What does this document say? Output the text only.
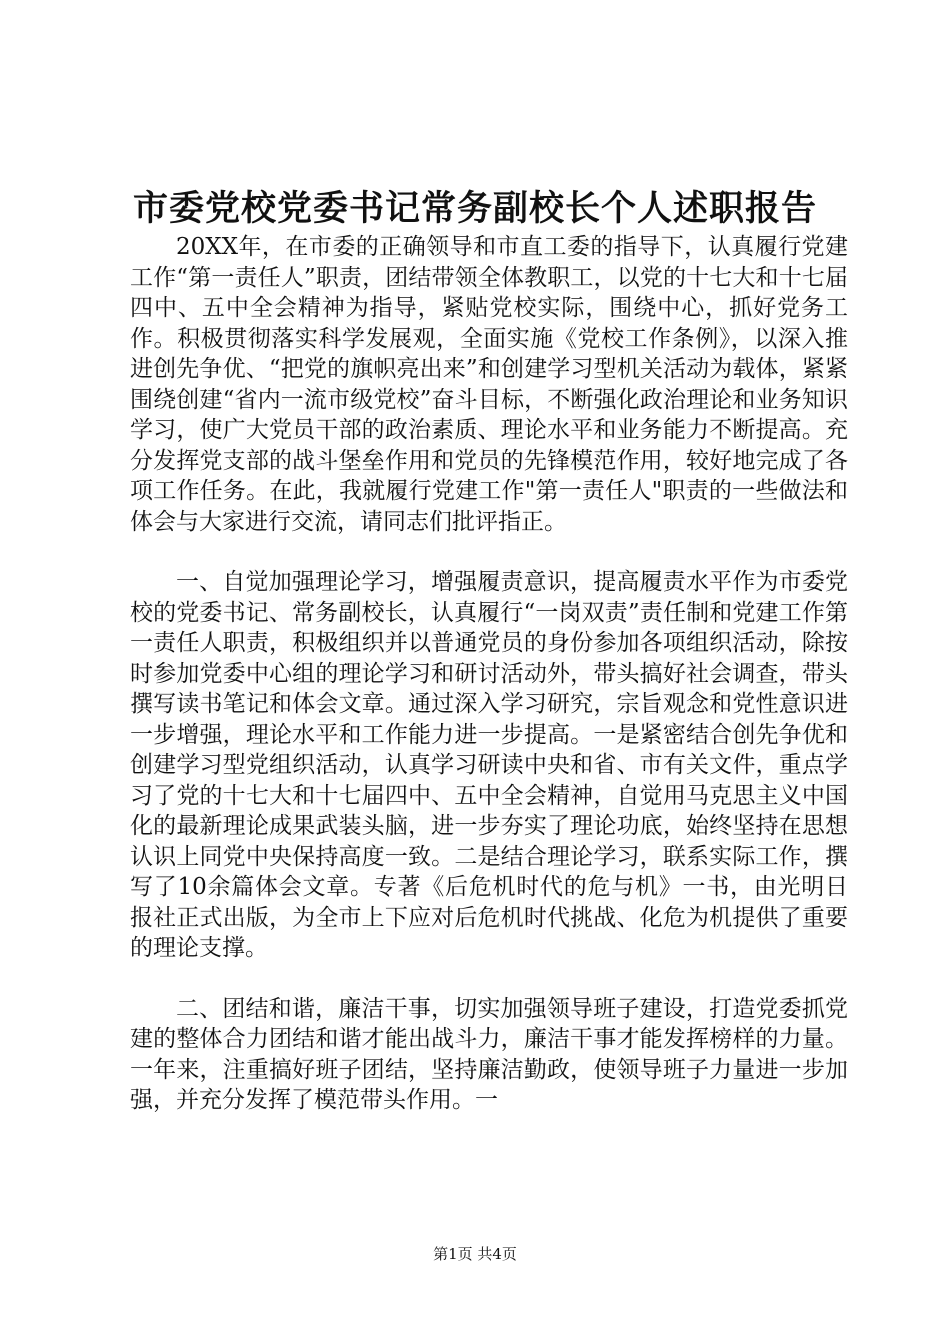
市委党校党委书记常务副校长个人述职报告

20XX年，在市委的正确领导和市直工委的指导下，认真履行党建工作“第一责任人”职责，团结带领全体教职工，以党的十七大和十七届四中、五中全会精神为指导，紧贴党校实际，围绕中心，抓好党务工作。积极贯彻落实科学发展观，全面实施《党校工作条例》，以深入推进创先争优、“把党的旗帜亮出来”和创建学习型机关活动为载体，紧紧围绕创建“省内一流市级党校”奋斗目标，不断强化政治理论和业务知识学习，使广大党员干部的政治素质、理论水平和业务能力不断提高。充分发挥党支部的战斗堡垒作用和党员的先锋模范作用，较好地完成了各项工作任务。在此，我就履行党建工作"第一责任人"职责的一些做法和体会与大家进行交流，请同志们批评指正。

一、自觉加强理论学习，增强履责意识，提高履责水平作为市委党校的党委书记、常务副校长，认真履行“一岗双责”责任制和党建工作第一责任人职责，积极组织并以普通党员的身份参加各项组织活动，除按时参加党委中心组的理论学习和研讨活动外，带头搞好社会调查，带头撰写读书笔记和体会文章。通过深入学习研究，宗旨观念和党性意识进一步增强，理论水平和工作能力进一步提高。一是紧密结合创先争优和创建学习型党组织活动，认真学习研读中央和省、市有关文件，重点学习了党的十七大和十七届四中、五中全会精神，自觉用马克思主义中国化的最新理论成果武装头脑，进一步夯实了理论功底，始终坚持在思想认识上同党中央保持高度一致。二是结合理论学习，联系实际工作，撰写了10余篇体会文章。专著《后危机时代的危与机》一书，由光明日报社正式出版，为全市上下应对后危机时代挑战、化危为机提供了重要的理论支撑。

二、团结和谐，廉洁干事，切实加强领导班子建设，打造党委抓党建的整体合力团结和谐才能出战斗力，廉洁干事才能发挥榜样的力量。一年来，注重搞好班子团结，坚持廉洁勤政，使领导班子力量进一步加强，并充分发挥了模范带头作用。一

第1页 共4页
